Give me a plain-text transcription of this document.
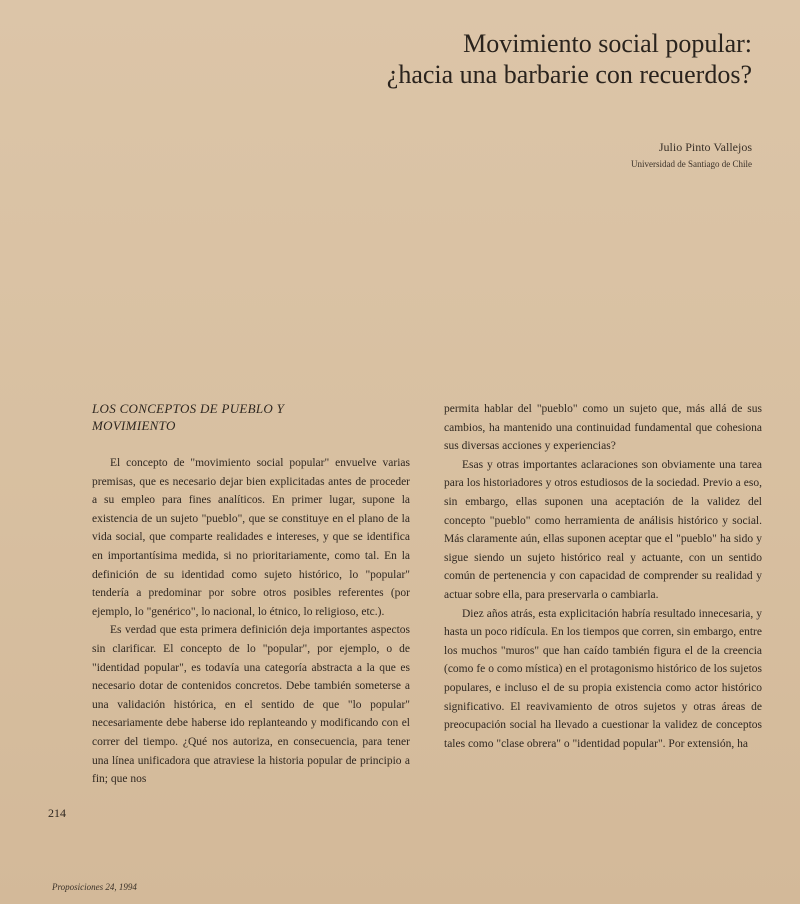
Movimiento social popular:
¿hacia una barbarie con recuerdos?
Julio Pinto Vallejos
Universidad de Santiago de Chile
LOS CONCEPTOS DE PUEBLO Y
MOVIMIENTO

El concepto de "movimiento social popular" envuelve varias premisas, que es necesario dejar bien explicitadas antes de proceder a su empleo para fines analíticos. En primer lugar, supone la existencia de un sujeto "pueblo", que se constituye en el plano de la vida social, que comparte realidades e intereses, y que se identifica en importantísima medida, si no prioritariamente, como tal. En la definición de su identidad como sujeto histórico, lo "popular" tendería a predominar por sobre otros posibles referentes (por ejemplo, lo "genérico", lo nacional, lo étnico, lo religioso, etc.).

Es verdad que esta primera definición deja importantes aspectos sin clarificar. El concepto de lo "popular", por ejemplo, o de "identidad popular", es todavía una categoría abstracta a la que es necesario dotar de contenidos concretos. Debe también someterse a una validación histórica, en el sentido de que "lo popular" necesariamente debe haberse ido replanteando y modificando con el correr del tiempo. ¿Qué nos autoriza, en consecuencia, para tener una línea unificadora que atraviese la historia popular de principio a fin; que nos

permita hablar del "pueblo" como un sujeto que, más allá de sus cambios, ha mantenido una continuidad fundamental que cohesiona sus diversas acciones y experiencias?

Esas y otras importantes aclaraciones son obviamente una tarea para los historiadores y otros estudiosos de la sociedad. Previo a eso, sin embargo, ellas suponen una aceptación de la validez del concepto "pueblo" como herramienta de análisis histórico y social. Más claramente aún, ellas suponen aceptar que el "pueblo" ha sido y sigue siendo un sujeto histórico real y actuante, con un sentido común de pertenencia y con capacidad de comprender su realidad y actuar sobre ella, para preservarla o cambiarla.

Diez años atrás, esta explicitación habría resultado innecesaria, y hasta un poco ridícula. En los tiempos que corren, sin embargo, entre los muchos "muros" que han caído también figura el de la creencia (como fe o como mística) en el protagonismo histórico de los sujetos populares, e incluso el de su propia existencia como actor histórico significativo. El reavivamiento de otros sujetos y otras áreas de preocupación social ha llevado a cuestionar la validez de conceptos tales como "clase obrera" o "identidad popular". Por extensión, ha

214
Proposiciones 24, 1994
